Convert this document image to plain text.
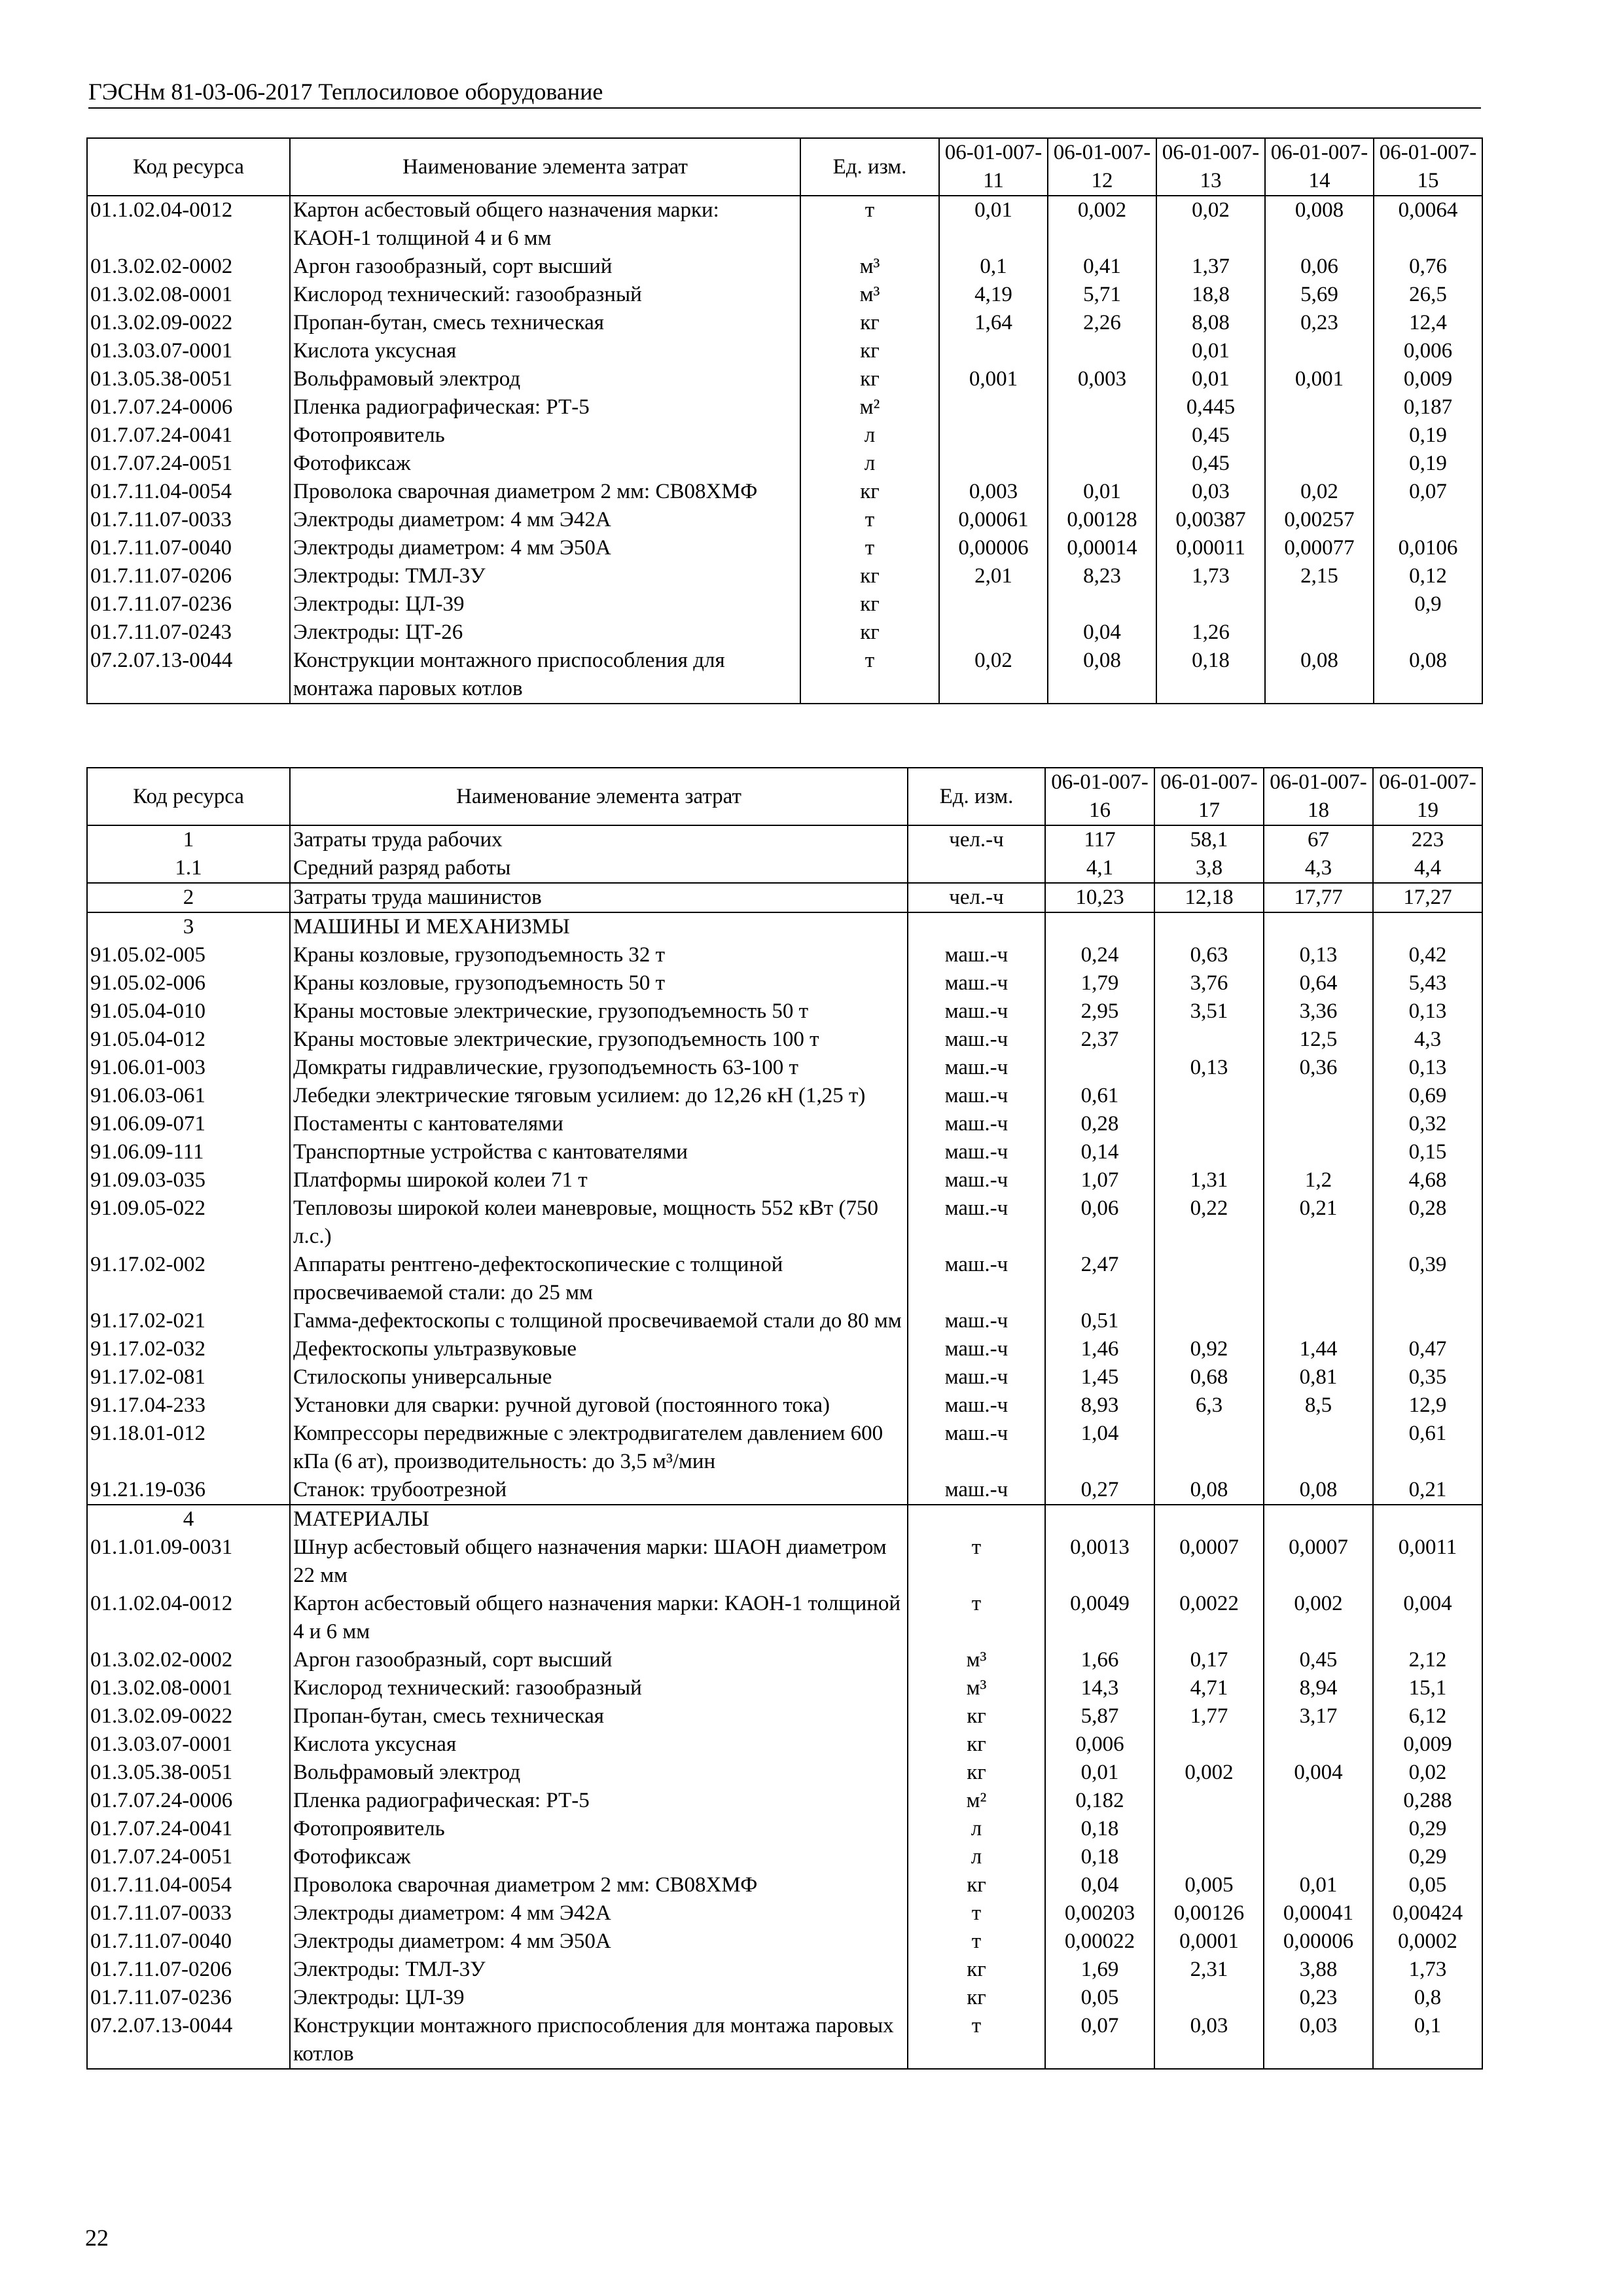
ГЭСНм 81-03-06-2017 Теплосиловое оборудование
Код ресурса	Наименование элемента затрат	Ед. изм.	06-01-007-11	06-01-007-12	06-01-007-13	06-01-007-14	06-01-007-15
01.1.02.04-0012	Картон асбестовый общего назначения марки: КАОН-1 толщиной 4 и 6 мм	т	0,01	0,002	0,02	0,008	0,0064
01.3.02.02-0002	Аргон газообразный, сорт высший	м³	0,1	0,41	1,37	0,06	0,76
01.3.02.08-0001	Кислород технический: газообразный	м³	4,19	5,71	18,8	5,69	26,5
01.3.02.09-0022	Пропан-бутан, смесь техническая	кг	1,64	2,26	8,08	0,23	12,4
01.3.03.07-0001	Кислота уксусная	кг			0,01		0,006
01.3.05.38-0051	Вольфрамовый электрод	кг	0,001	0,003	0,01	0,001	0,009
01.7.07.24-0006	Пленка радиографическая: РТ-5	м²			0,445		0,187
01.7.07.24-0041	Фотопроявитель	л			0,45		0,19
01.7.07.24-0051	Фотофиксаж	л			0,45		0,19
01.7.11.04-0054	Проволока сварочная диаметром 2 мм: СВ08ХМФ	кг	0,003	0,01	0,03	0,02	0,07
01.7.11.07-0033	Электроды диаметром: 4 мм Э42А	т	0,00061	0,00128	0,00387	0,00257	
01.7.11.07-0040	Электроды диаметром: 4 мм Э50А	т	0,00006	0,00014	0,00011	0,00077	0,0106
01.7.11.07-0206	Электроды: ТМЛ-3У	кг	2,01	8,23	1,73	2,15	0,12
01.7.11.07-0236	Электроды: ЦЛ-39	кг					0,9
01.7.11.07-0243	Электроды: ЦТ-26	кг		0,04	1,26		
07.2.07.13-0044	Конструкции монтажного приспособления для монтажа паровых котлов	т	0,02	0,08	0,18	0,08	0,08
Код ресурса	Наименование элемента затрат	Ед. изм.	06-01-007-16	06-01-007-17	06-01-007-18	06-01-007-19
1	Затраты труда рабочих	чел.-ч	117	58,1	67	223
1.1	Средний разряд работы		4,1	3,8	4,3	4,4
2	Затраты труда машинистов	чел.-ч	10,23	12,18	17,77	17,27
3	МАШИНЫ И МЕХАНИЗМЫ					
91.05.02-005	Краны козловые, грузоподъемность 32 т	маш.-ч	0,24	0,63	0,13	0,42
91.05.02-006	Краны козловые, грузоподъемность 50 т	маш.-ч	1,79	3,76	0,64	5,43
91.05.04-010	Краны мостовые электрические, грузоподъемность 50 т	маш.-ч	2,95	3,51	3,36	0,13
91.05.04-012	Краны мостовые электрические, грузоподъемность 100 т	маш.-ч	2,37		12,5	4,3
91.06.01-003	Домкраты гидравлические, грузоподъемность 63-100 т	маш.-ч		0,13	0,36	0,13
91.06.03-061	Лебедки электрические тяговым усилием: до 12,26 кН (1,25 т)	маш.-ч	0,61			0,69
91.06.09-071	Постаменты с кантователями	маш.-ч	0,28			0,32
91.06.09-111	Транспортные устройства с кантователями	маш.-ч	0,14			0,15
91.09.03-035	Платформы широкой колеи 71 т	маш.-ч	1,07	1,31	1,2	4,68
91.09.05-022	Тепловозы широкой колеи маневровые, мощность 552 кВт (750 л.с.)	маш.-ч	0,06	0,22	0,21	0,28
91.17.02-002	Аппараты рентгено-дефектоскопические с толщиной просвечиваемой стали: до 25 мм	маш.-ч	2,47			0,39
91.17.02-021	Гамма-дефектоскопы с толщиной просвечиваемой стали до 80 мм	маш.-ч	0,51			
91.17.02-032	Дефектоскопы ультразвуковые	маш.-ч	1,46	0,92	1,44	0,47
91.17.02-081	Стилоскопы универсальные	маш.-ч	1,45	0,68	0,81	0,35
91.17.04-233	Установки для сварки: ручной дуговой (постоянного тока)	маш.-ч	8,93	6,3	8,5	12,9
91.18.01-012	Компрессоры передвижные с электродвигателем давлением 600 кПа (6 ат), производительность: до 3,5 м³/мин	маш.-ч	1,04			0,61
91.21.19-036	Станок: трубоотрезной	маш.-ч	0,27	0,08	0,08	0,21
4	МАТЕРИАЛЫ					
01.1.01.09-0031	Шнур асбестовый общего назначения марки: ШАОН диаметром 22 мм	т	0,0013	0,0007	0,0007	0,0011
01.1.02.04-0012	Картон асбестовый общего назначения марки: КАОН-1 толщиной 4 и 6 мм	т	0,0049	0,0022	0,002	0,004
01.3.02.02-0002	Аргон газообразный, сорт высший	м³	1,66	0,17	0,45	2,12
01.3.02.08-0001	Кислород технический: газообразный	м³	14,3	4,71	8,94	15,1
01.3.02.09-0022	Пропан-бутан, смесь техническая	кг	5,87	1,77	3,17	6,12
01.3.03.07-0001	Кислота уксусная	кг	0,006			0,009
01.3.05.38-0051	Вольфрамовый электрод	кг	0,01	0,002	0,004	0,02
01.7.07.24-0006	Пленка радиографическая: РТ-5	м²	0,182			0,288
01.7.07.24-0041	Фотопроявитель	л	0,18			0,29
01.7.07.24-0051	Фотофиксаж	л	0,18			0,29
01.7.11.04-0054	Проволока сварочная диаметром 2 мм: СВ08ХМФ	кг	0,04	0,005	0,01	0,05
01.7.11.07-0033	Электроды диаметром: 4 мм Э42А	т	0,00203	0,00126	0,00041	0,00424
01.7.11.07-0040	Электроды диаметром: 4 мм Э50А	т	0,00022	0,0001	0,00006	0,0002
01.7.11.07-0206	Электроды: ТМЛ-3У	кг	1,69	2,31	3,88	1,73
01.7.11.07-0236	Электроды: ЦЛ-39	кг	0,05		0,23	0,8
07.2.07.13-0044	Конструкции монтажного приспособления для монтажа паровых котлов	т	0,07	0,03	0,03	0,1
22
